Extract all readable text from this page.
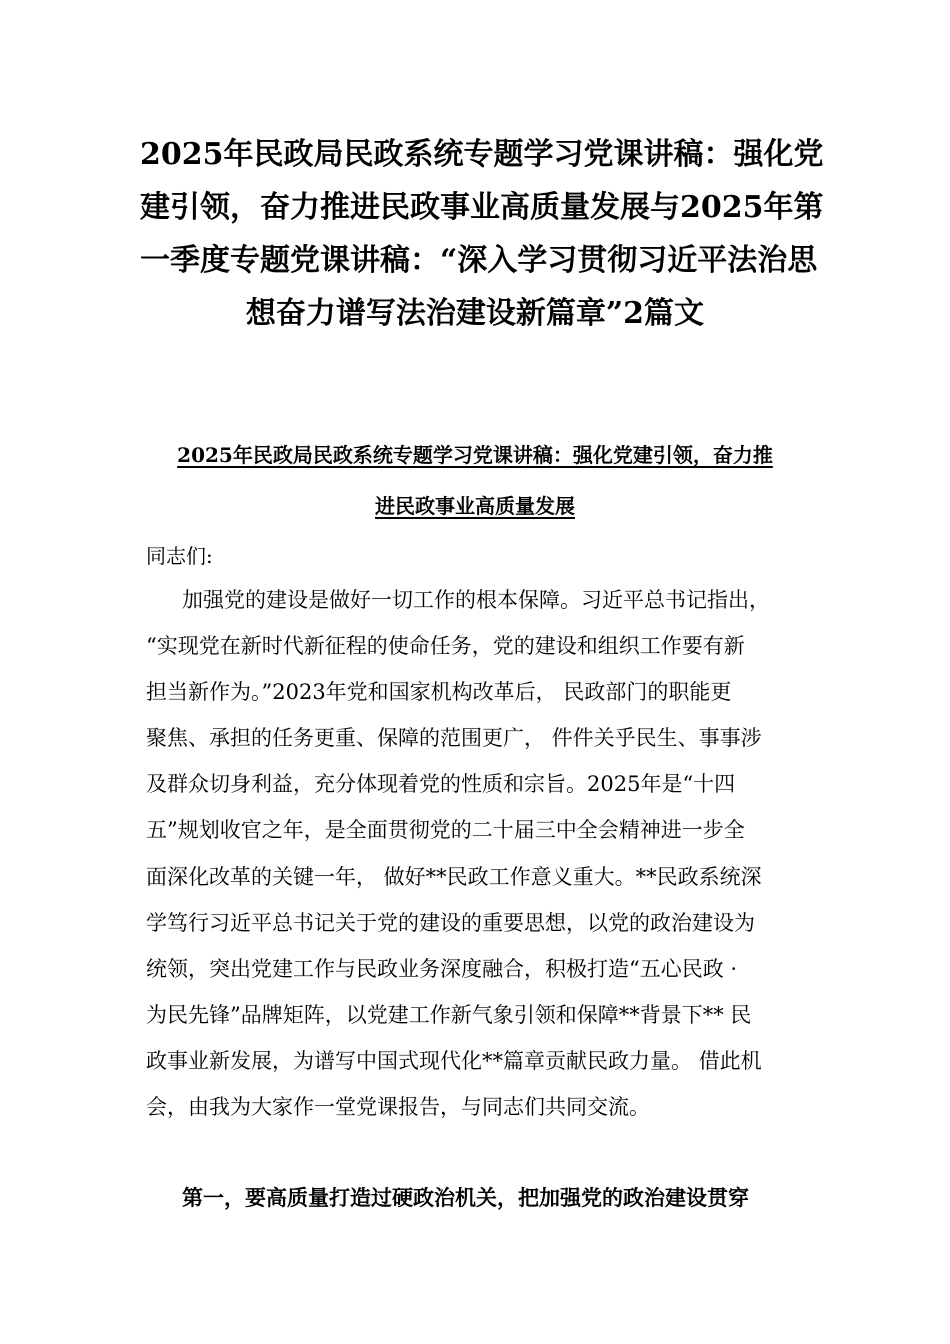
2025年民政局民政系统专题学习党课讲稿：强化党
建引领，奋力推进民政事业高质量发展与2025年第
一季度专题党课讲稿：“深入学习贯彻习近平法治思
想奋力谱写法治建设新篇章”2篇文
2025年民政局民政系统专题学习党课讲稿：强化党建引领，奋力推
进民政事业高质量发展

同志们:

加强党的建设是做好一切工作的根本保障。习近平总书记指出，
“实现党在新时代新征程的使命任务，党的建设和组织工作要有新
担当新作为。”2023年党和国家机构改革后， 民政部门的职能更
聚焦、承担的任务更重、保障的范围更广， 件件关乎民生、事事涉
及群众切身利益，充分体现着党的性质和宗旨。2025年是“十四
五”规划收官之年，是全面贯彻党的二十届三中全会精神进一步全
面深化改革的关键一年， 做好**民政工作意义重大。**民政系统深
学笃行习近平总书记关于党的建设的重要思想，以党的政治建设为
统领，突出党建工作与民政业务深度融合，积极打造“五心民政 ·
为民先锋”品牌矩阵，以党建工作新气象引领和保障**背景下** 民
政事业新发展，为谱写中国式现代化**篇章贡献民政力量。 借此机
会，由我为大家作一堂党课报告，与同志们共同交流。

第一，要高质量打造过硬政治机关，把加强党的政治建设贯穿
